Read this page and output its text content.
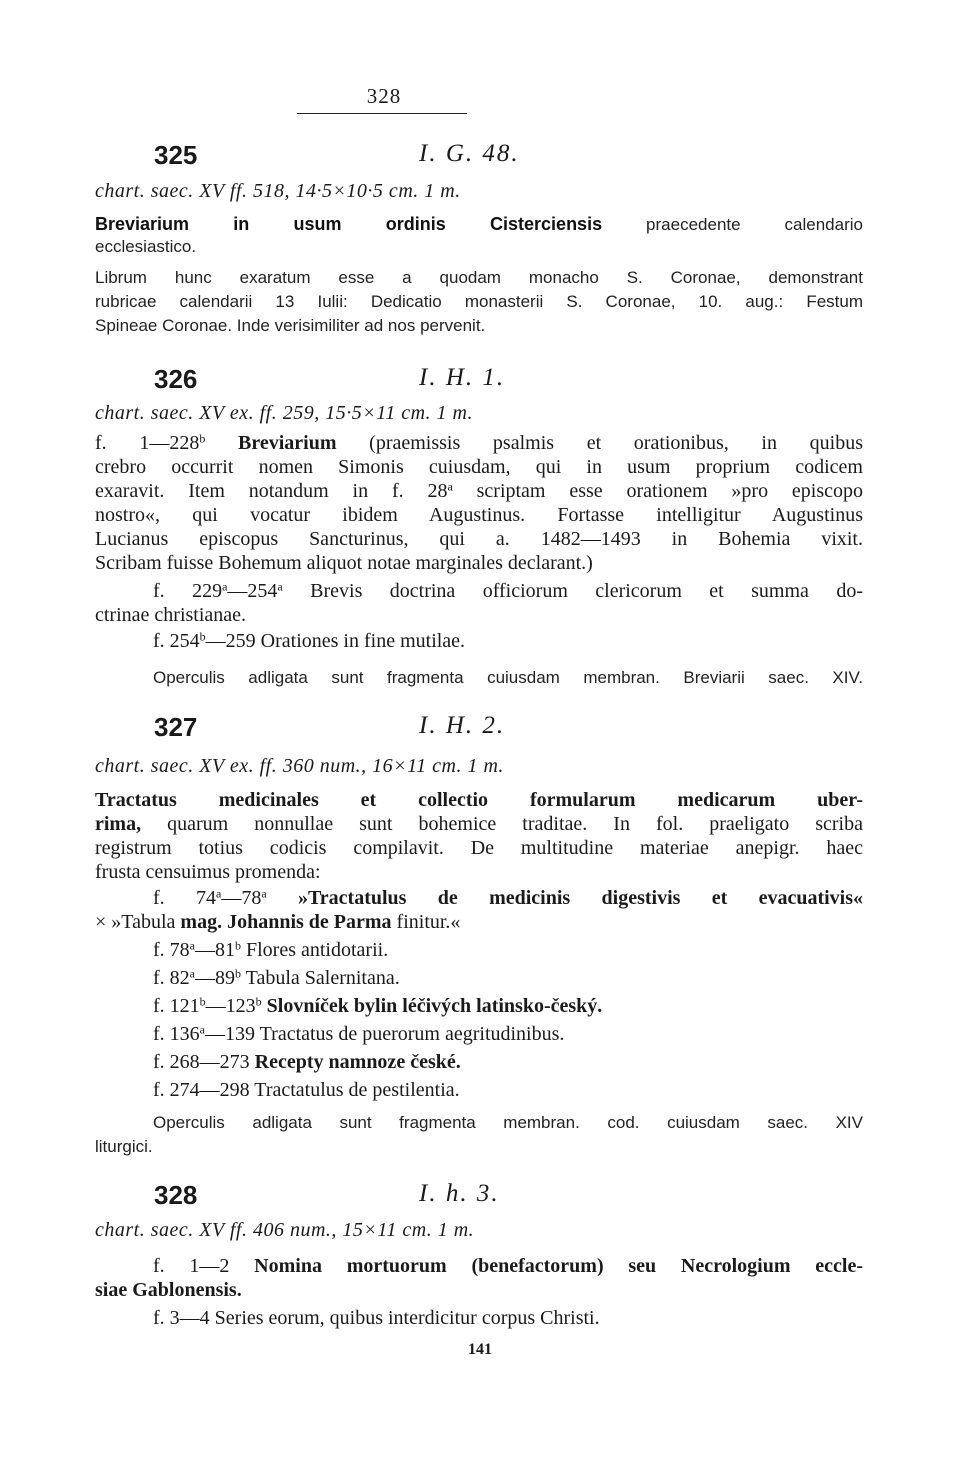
328
325	I. G. 48.
chart. saec. XV ff. 518, 14·5×10·5 cm. 1 m.
Breviarium in usum ordinis Cisterciensis praecedente calendario
ecclesiastico.
Librum hunc exaratum esse a quodam monacho S. Coronae, demonstrant
rubricae calendarii 13 Iulii: Dedicatio monasterii S. Coronae, 10. aug.: Festum
Spineae Coronae. Inde verisimiliter ad nos pervenit.
326	I. H. 1.
chart. saec. XV ex. ff. 259, 15·5×11 cm. 1 m.
f. 1—228$^b$ Breviarium (praemissis psalmis et orationibus, in quibus
crebro occurrit nomen Simonis cuiusdam, qui in usum proprium codicem
exaravit. Item notandum in f. 28$^a$ scriptam esse orationem »pro episcopo
nostro«, qui vocatur ibidem Augustinus. Fortasse intelligitur Augustinus
Lucianus episcopus Sancturinus, qui a. 1482—1493 in Bohemia vixit.
Scribam fuisse Bohemum aliquot notae marginales declarant.)
f. 229$^a$—254$^a$ Brevis doctrina officiorum clericorum et summa do-
ctrinae christianae.
f. 254$^b$—259 Orationes in fine mutilae.
Operculis adligata sunt fragmenta cuiusdam membran. Breviarii saec. XIV.
327	I. H. 2.
chart. saec. XV ex. ff. 360 num., 16×11 cm. 1 m.
Tractatus medicinales et collectio formularum medicarum uber-
rima, quarum nonnullae sunt bohemice traditae. In fol. praeligato scriba
registrum totius codicis compilavit. De multitudine materiae anepigr. haec
frusta censuimus promenda:
f. 74$^a$—78$^a$ »Tractatulus de medicinis digestivis et evacuativis«
× »Tabula mag. Johannis de Parma finitur.«
f. 78$^a$—81$^b$ Flores antidotarii.
f. 82$^a$—89$^b$ Tabula Salernitana.
f. 121$^b$—123$^b$ Slovníček bylin léčivých latinsko-český.
f. 136$^a$—139 Tractatus de puerorum aegritudinibus.
f. 268—273 Recepty namnoze české.
f. 274—298 Tractatulus de pestilentia.
Operculis adligata sunt fragmenta membran. cod. cuiusdam saec. XIV
liturgici.
328	I. h. 3.
chart. saec. XV ff. 406 num., 15×11 cm. 1 m.
f. 1—2 Nomina mortuorum (benefactorum) seu Necrologium eccle-
siae Gablonensis.
f. 3—4 Series eorum, quibus interdicitur corpus Christi.
141
